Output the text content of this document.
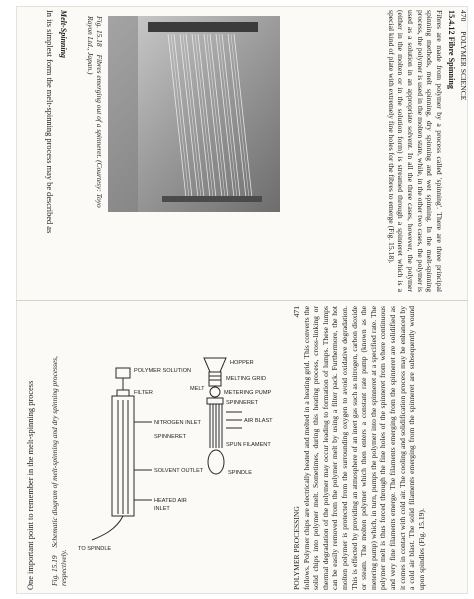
470 POLYMER SCIENCE
15.4.12 Fibre Spinning

Fibres are made from polymer by a process called 'spinning'. There are three principal spinning methods, melt spinning, dry spinning and wet spinning. In the melt-spinning process, the polymer is used in the molten state, while, in the other two cases, the polymer is used as a solution in an appropriate solvent. In all the three cases, however, the polymer (either in the molten or in the solution form) is streamed through a spinneret which is a special kind of plate with extremely fine holes for the fibres to emerge (Fig. 15.18).

Fig. 15.18 Fibres emerging out of a spinneret. (Courtesy: Toyo Rayon Ltd., Japan.)
Melt-Spinning
In its simplest form the melt-spinning process may be described as
POLYMER PROCESSING
471 follows. Polymer chips are electrically heated and melted in a heating grid. This converts the solid chips into polymer melt. Sometimes, during this heating process, cross-linking or thermal degradation of the polymer may occur leading to formation of lumps. These lumps can be easily removed from the polymer melt by using a filter pack. Furthermore, the hot molten polymer is protected from the surrounding oxygen to avoid oxidative degradation. This is effected by providing an atmosphere of an inert gas such as nitrogen, carbon dioxide or steam. The molten polymer which then enters a constant rate pump (known as the metering pump) which, in turn, pumps the polymer into the spinneret at a specified rate. The polymer melt is thus forced through the fine holes of the spinneret from where continuous and very fine filaments emerge. The filaments emerging from the spinneret are solidified as it comes in contact with cold air. The cooling and solidification process may be enhanced by a cold air blast. The solid filaments emerging from the spinneret are subsequently wound upon spindles (Fig. 15.19).

HOPPER
MELTING GRID
METERING PUMP
MELT
SPINNERET
AIR BLAST
SPUN FILAMENT
SPINDLE
POLYMER SOLUTION
FILTER
NITROGEN INLET
SPINNERET
SOLVENT OUTLET
HEATED AIR
INLET
TO SPINDLE
Fig. 15.19 Schematic diagram of melt-spinning and dry spinning processes, respectively.
One important point to remember in the melt-spinning process
